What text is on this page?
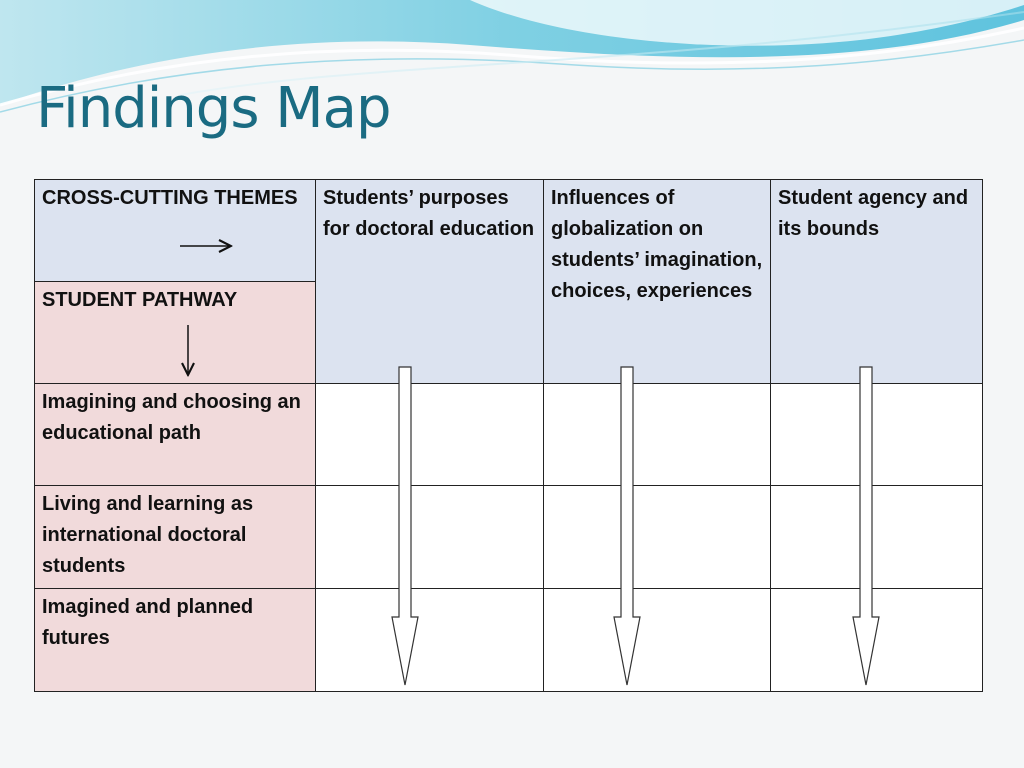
Findings Map
CROSS-CUTTING THEMES	Students’ purposes for doctoral education	Influences of globalization on students’ imagination, choices, experiences	Student agency and its bounds
STUDENT PATHWAY			
Imagining and choosing an educational path			
Living and learning as international doctoral students			
Imagined and planned futures			
